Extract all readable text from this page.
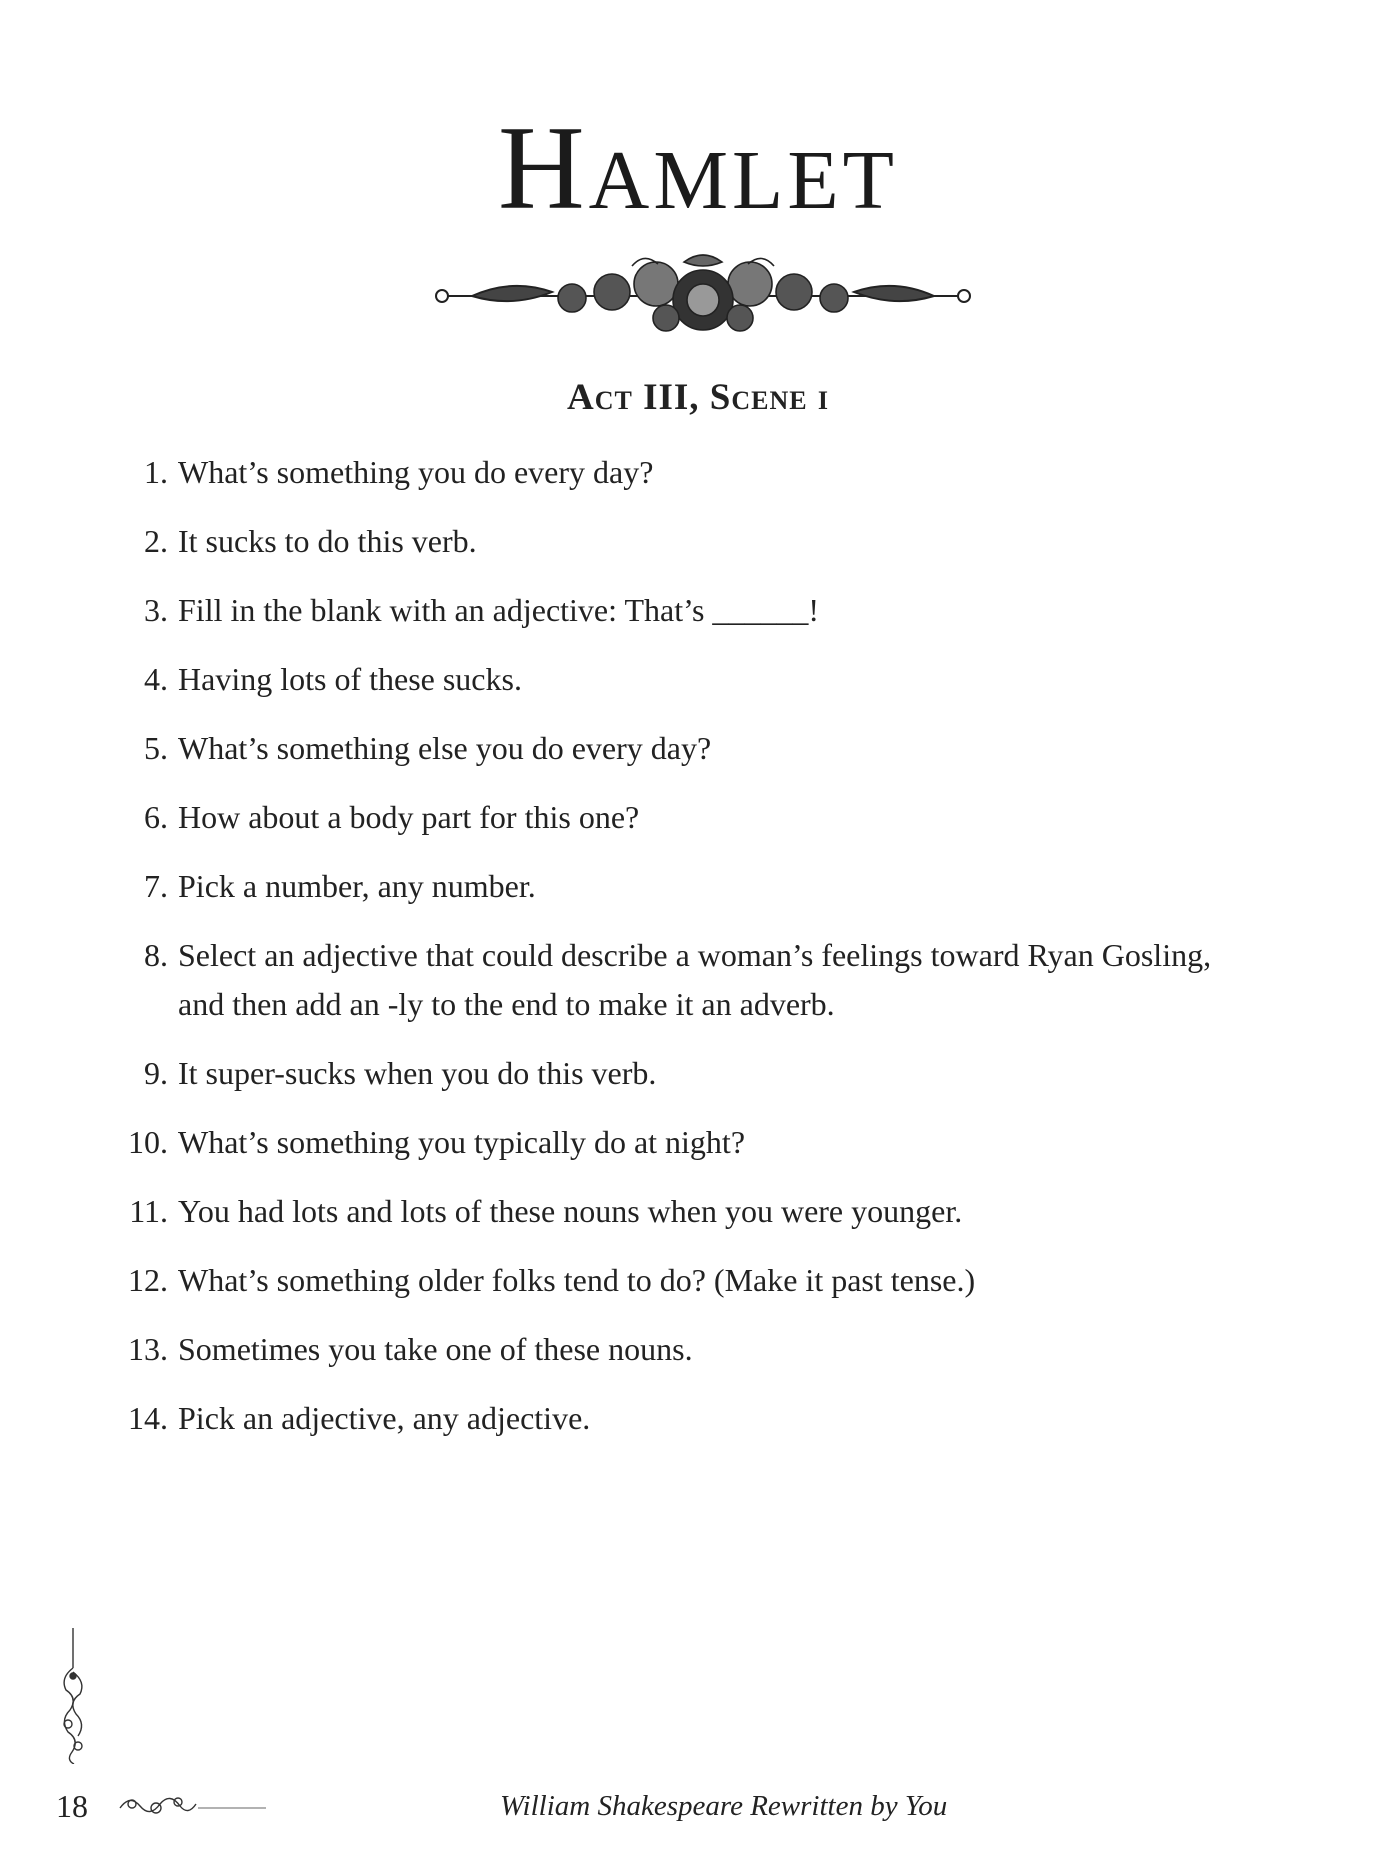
Hamlet
Act III, Scene i
1. What’s something you do every day?
2. It sucks to do this verb.
3. Fill in the blank with an adjective: That’s ______!
4. Having lots of these sucks.
5. What’s something else you do every day?
6. How about a body part for this one?
7. Pick a number, any number.
8. Select an adjective that could describe a woman’s feelings toward Ryan Gosling, and then add an -ly to the end to make it an adverb.
9. It super-sucks when you do this verb.
10. What’s something you typically do at night?
11. You had lots and lots of these nouns when you were younger.
12. What’s something older folks tend to do? (Make it past tense.)
13. Sometimes you take one of these nouns.
14. Pick an adjective, any adjective.
18	William Shakespeare Rewritten by You
